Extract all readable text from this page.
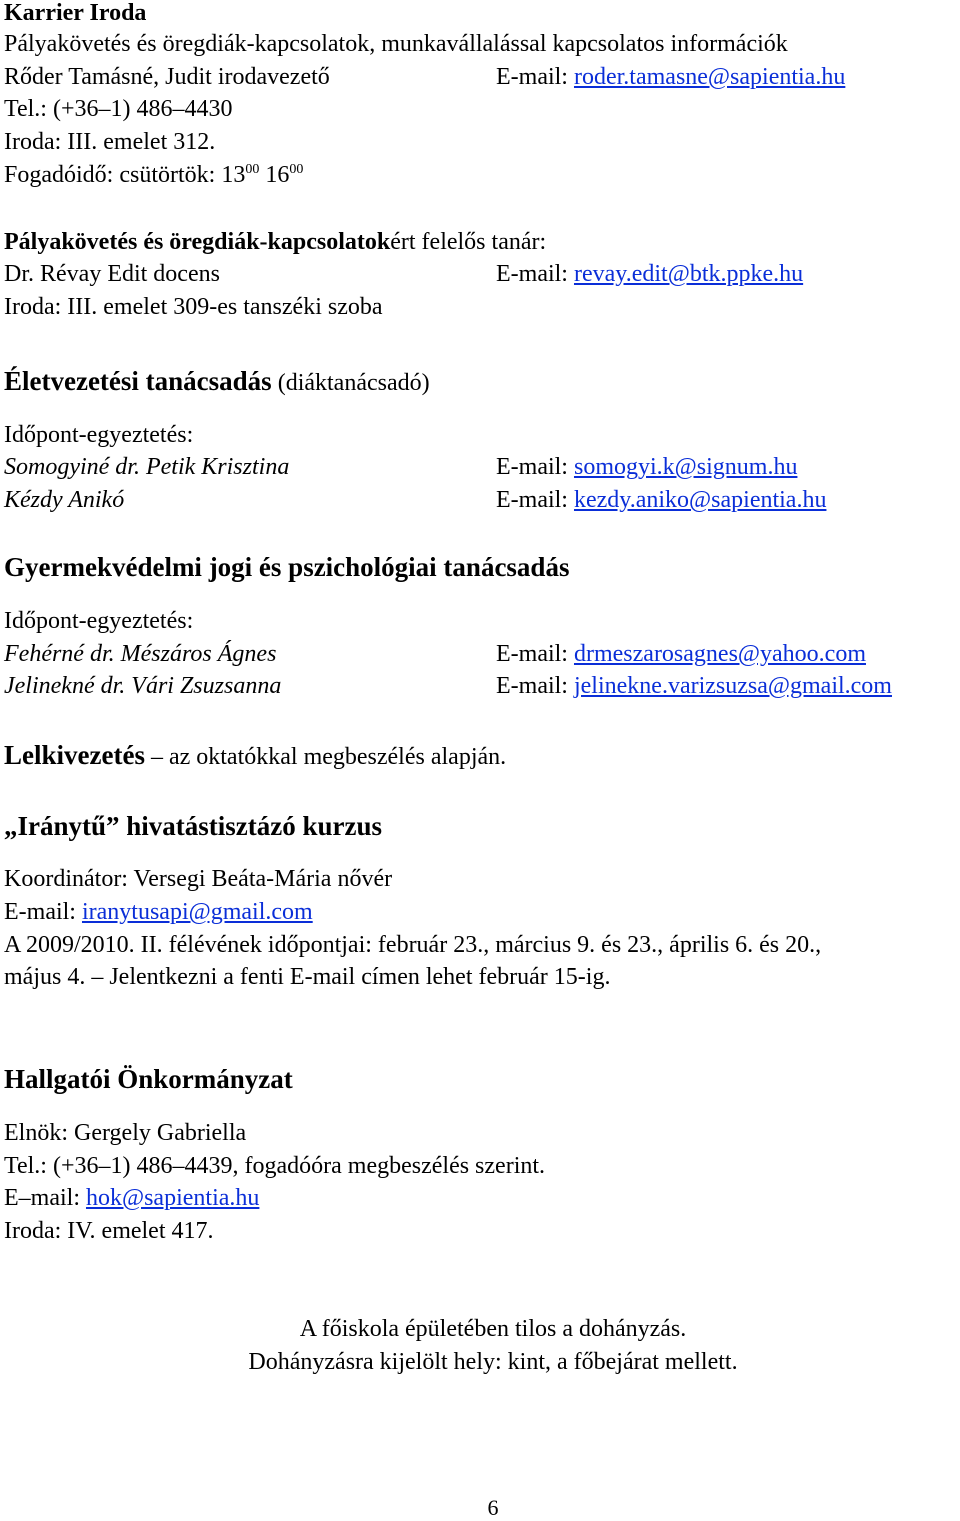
Karrier Iroda
Pályakövetés és öregdiák-kapcsolatok, munkavállalással kapcsolatos információk
Rőder Tamásné, Judit irodavezető	E-mail: roder.tamasne@sapientia.hu
Tel.: (+36–1) 486–4430
Iroda: III. emelet 312.
Fogadóidő: csütörtök: $13^{00}$ $16^{00}$
Pályakövetés és öregdiák-kapcsolatokért felelős tanár:
Dr. Révay Edit docens	E-mail: revay.edit@btk.ppke.hu
Iroda: III. emelet 309-es tanszéki szoba
Életvezetési tanácsadás (diáktanácsadó)
Időpont-egyeztetés:
Somogyiné dr. Petik Krisztina	E-mail: somogyi.k@signum.hu
Kézdy Anikó	E-mail: kezdy.aniko@sapientia.hu
Gyermekvédelmi jogi és pszichológiai tanácsadás
Időpont-egyeztetés:
Fehérné dr. Mészáros Ágnes	E-mail: drmeszarosagnes@yahoo.com
Jelinekné dr. Vári Zsuzsanna	E-mail: jelinekne.varizsuzsa@gmail.com
Lelkivezetés – az oktatókkal megbeszélés alapján.
„Iránytű” hivatástisztázó kurzus
Koordinátor: Versegi Beáta-Mária nővér
E-mail: iranytusapi@gmail.com
A 2009/2010. II. félévének időpontjai: február 23., március 9. és 23., április 6. és 20.,
május 4. – Jelentkezni a fenti E-mail címen lehet február 15-ig.
Hallgatói Önkormányzat
Elnök: Gergely Gabriella
Tel.: (+36–1) 486–4439, fogadóóra megbeszélés szerint.
E–mail: hok@sapientia.hu
Iroda: IV. emelet 417.
A főiskola épületében tilos a dohányzás.
Dohányzásra kijelölt hely: kint, a főbejárat mellett.
6
